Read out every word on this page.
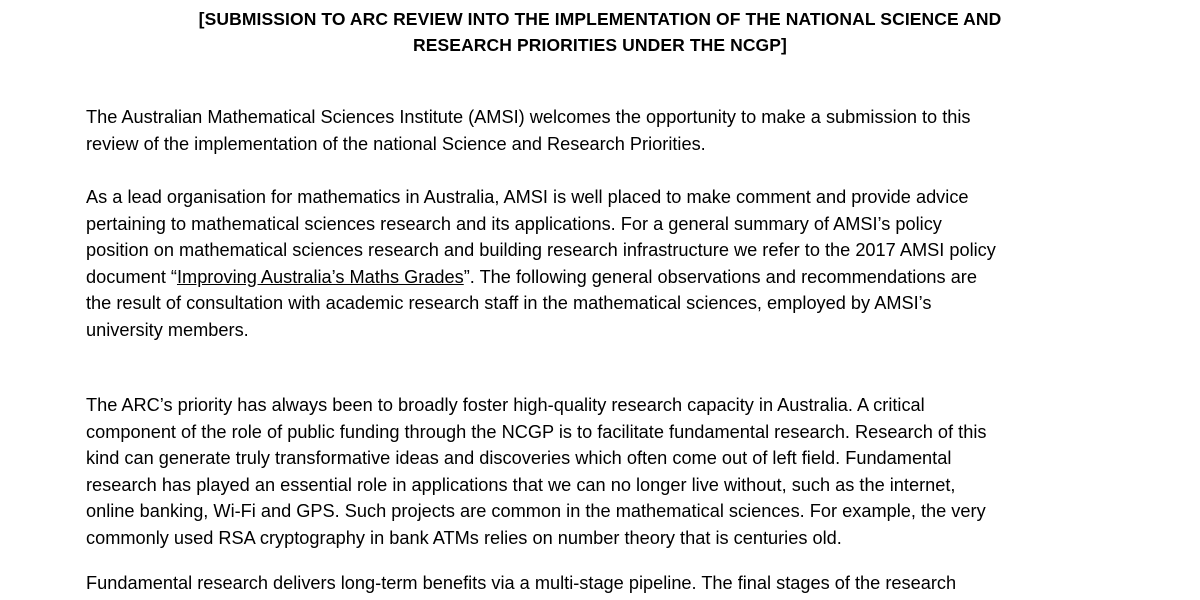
[SUBMISSION TO ARC REVIEW INTO THE IMPLEMENTATION OF THE NATIONAL SCIENCE AND
RESEARCH PRIORITIES UNDER THE NCGP]
The Australian Mathematical Sciences Institute (AMSI) welcomes the opportunity to make a submission to this
review of the implementation of the national Science and Research Priorities.
As a lead organisation for mathematics in Australia, AMSI is well placed to make comment and provide advice
pertaining to mathematical sciences research and its applications. For a general summary of AMSI’s policy
position on mathematical sciences research and building research infrastructure we refer to the 2017 AMSI policy
document “Improving Australia’s Maths Grades”. The following general observations and recommendations are
the result of consultation with academic research staff in the mathematical sciences, employed by AMSI’s
university members.
The ARC’s priority has always been to broadly foster high-quality research capacity in Australia. A critical
component of the role of public funding through the NCGP is to facilitate fundamental research. Research of this
kind can generate truly transformative ideas and discoveries which often come out of left field. Fundamental
research has played an essential role in applications that we can no longer live without, such as the internet,
online banking, Wi-Fi and GPS. Such projects are common in the mathematical sciences. For example, the very
commonly used RSA cryptography in bank ATMs relies on number theory that is centuries old.
Fundamental research delivers long-term benefits via a multi-stage pipeline. The final stages of the research
